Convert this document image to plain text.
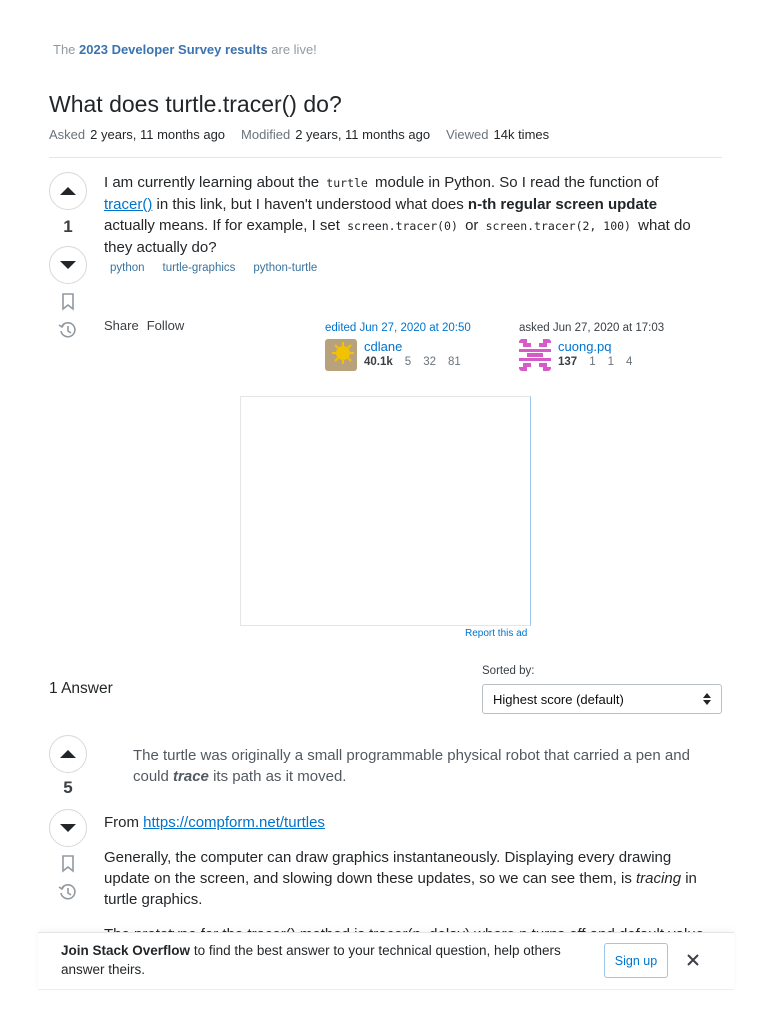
The 2023 Developer Survey results are live!
What does turtle.tracer() do?
Asked 2 years, 11 months ago Modified 2 years, 11 months ago Viewed 14k times
1
I am currently learning about the turtle module in Python. So I read the function of tracer() in this link, but I haven't understood what does n-th regular screen update actually means. If for example, I set screen.tracer(0) or screen.tracer(2, 100) what do they actually do?
python	turtle-graphics	python-turtle
Share Follow	edited Jun 27, 2020 at 20:50
cdlane
40.1k 5 32 81
asked Jun 27, 2020 at 17:03
cuong.pq
137 1 1 4
Report this ad
1 Answer
Sorted by:
Highest score (default)
5
The turtle was originally a small programmable physical robot that carried a pen and could trace its path as it moved.

From https://compform.net/turtles

Generally, the computer can draw graphics instantaneously. Displaying every drawing update on the screen, and slowing down these updates, so we can see them, is tracing in turtle graphics.

Join Stack Overflow to find the best answer to your technical question, help others answer theirs.
Sign up
